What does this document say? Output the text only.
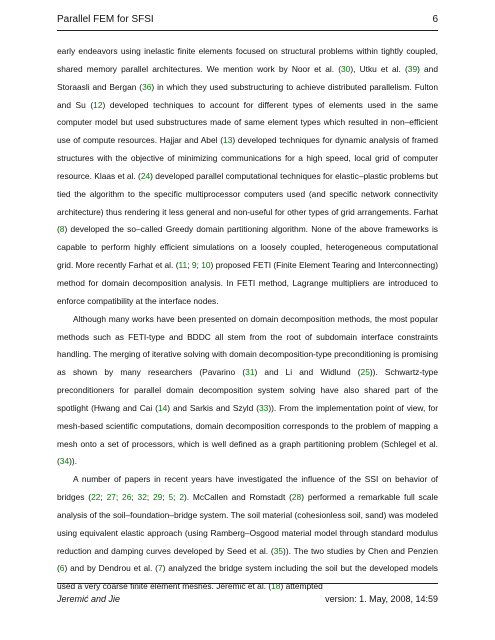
Parallel FEM for SFSI	6

early endeavors using inelastic finite elements focused on structural problems within tightly coupled, shared memory parallel architectures. We mention work by Noor et al. (30), Utku et al. (39) and Storaasli and Bergan (36) in which they used substructuring to achieve distributed parallelism. Fulton and Su (12) developed techniques to account for different types of elements used in the same computer model but used substructures made of same element types which resulted in non–efficient use of compute resources. Hajjar and Abel (13) developed techniques for dynamic analysis of framed structures with the objective of minimizing communications for a high speed, local grid of computer resource. Klaas et al. (24) developed parallel computational techniques for elastic–plastic problems but tied the algorithm to the specific multiprocessor computers used (and specific network connectivity architecture) thus rendering it less general and non-useful for other types of grid arrangements. Farhat (8) developed the so–called Greedy domain partitioning algorithm. None of the above frameworks is capable to perform highly efficient simulations on a loosely coupled, heterogeneous computational grid. More recently Farhat et al. (11; 9; 10) proposed FETI (Finite Element Tearing and Interconnecting) method for domain decomposition analysis. In FETI method, Lagrange multipliers are introduced to enforce compatibility at the interface nodes.

Although many works have been presented on domain decomposition methods, the most popular methods such as FETI-type and BDDC all stem from the root of subdomain interface constraints handling. The merging of iterative solving with domain decomposition-type preconditioning is promising as shown by many researchers (Pavarino (31) and Li and Widlund (25)). Schwartz-type preconditioners for parallel domain decomposition system solving have also shared part of the spotlight (Hwang and Cai (14) and Sarkis and Szyld (33)). From the implementation point of view, for mesh-based scientific computations, domain decomposition corresponds to the problem of mapping a mesh onto a set of processors, which is well defined as a graph partitioning problem (Schlegel et al. (34)).

A number of papers in recent years have investigated the influence of the SSI on behavior of bridges (22; 27; 26; 32; 29; 5; 2). McCallen and Romstadt (28) performed a remarkable full scale analysis of the soil–foundation–bridge system. The soil material (cohesionless soil, sand) was modeled using equivalent elastic approach (using Ramberg–Osgood material model through standard modulus reduction and damping curves developed by Seed et al. (35)). The two studies by Chen and Penzien (6) and by Dendrou et al. (7) analyzed the bridge system including the soil but the developed models used a very coarse finite element meshes. Jeremić et al. (18) attempted

Jeremić and Jie	version: 1. May, 2008, 14:59
